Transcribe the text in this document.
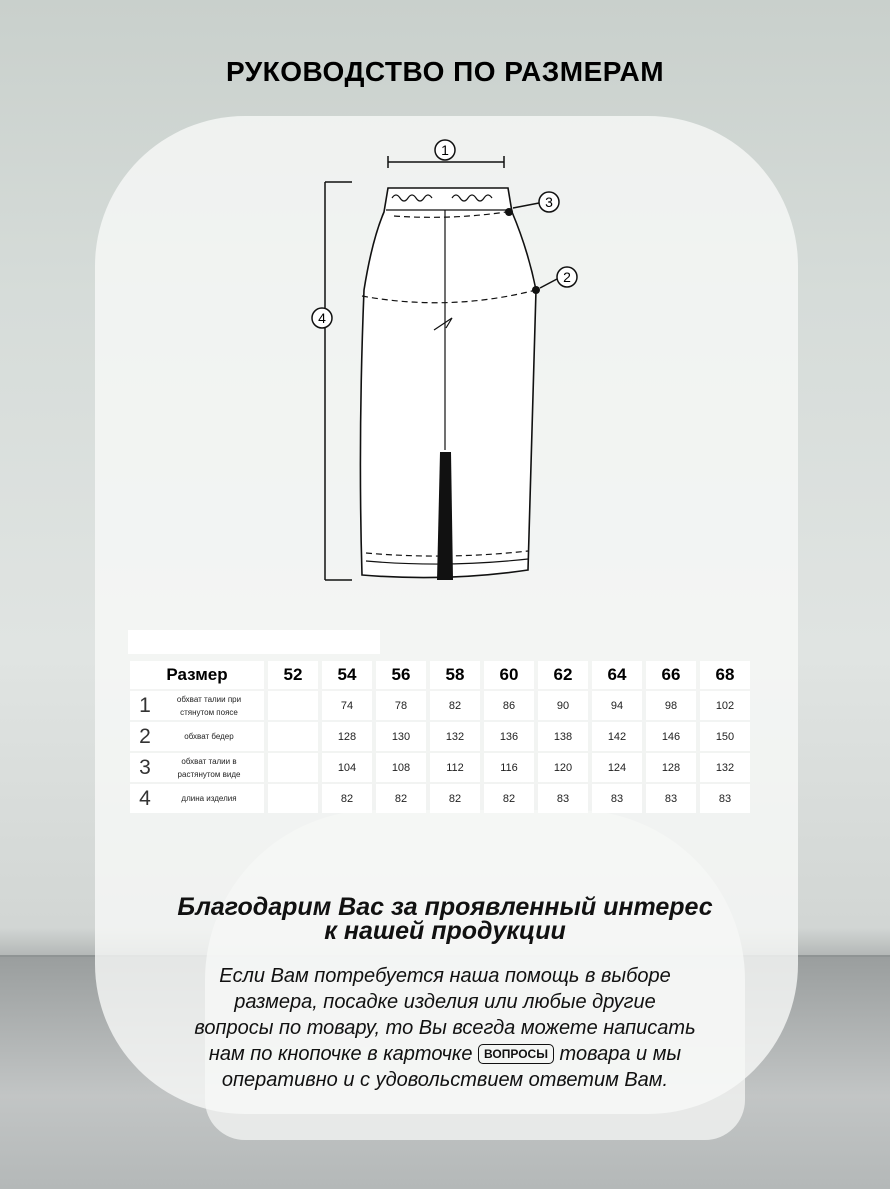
РУКОВОДСТВО ПО РАЗМЕРАМ
1
4
3
2
Размер	52	54	56	58	60	62	64	66	68

1 обхват талии при стянутом поясе		74	78	82	86	90	94	98	102

2 обхват бедер		128	130	132	136	138	142	146	150

3 обхват талии в растянутом виде		104	108	112	116	120	124	128	132

4 длина изделия		82	82	82	82	83	83	83	83
Благодарим Вас за проявленный интерес
к нашей продукции
Если Вам потребуется наша помощь в выборе
размера, посадке изделия или любые другие
вопросы по товару, то Вы всегда можете написать
нам по кнопочке в карточке ВОПРОСЫ товара и мы
оперативно и с удовольствием ответим Вам.
